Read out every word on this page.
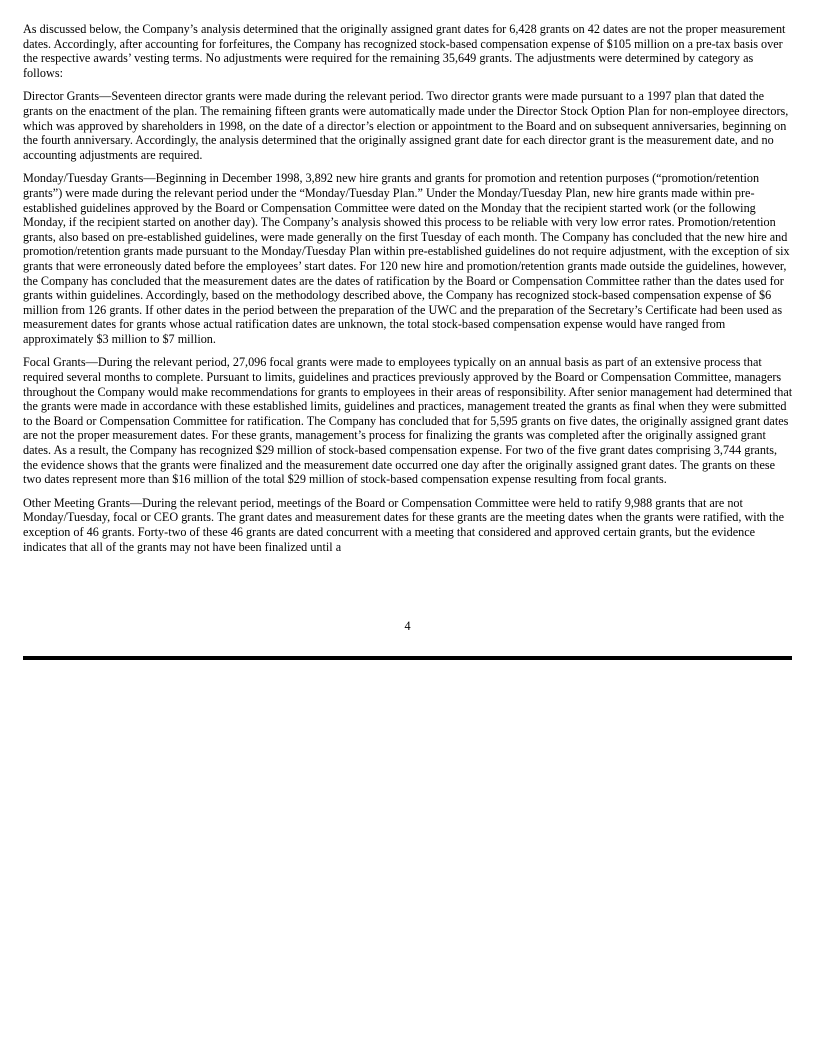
As discussed below, the Company’s analysis determined that the originally assigned grant dates for 6,428 grants on 42 dates are not the proper measurement dates. Accordingly, after accounting for forfeitures, the Company has recognized stock-based compensation expense of $105 million on a pre-tax basis over the respective awards’ vesting terms. No adjustments were required for the remaining 35,649 grants. The adjustments were determined by category as follows:

Director Grants—Seventeen director grants were made during the relevant period. Two director grants were made pursuant to a 1997 plan that dated the grants on the enactment of the plan. The remaining fifteen grants were automatically made under the Director Stock Option Plan for non-employee directors, which was approved by shareholders in 1998, on the date of a director’s election or appointment to the Board and on subsequent anniversaries, beginning on the fourth anniversary. Accordingly, the analysis determined that the originally assigned grant date for each director grant is the measurement date, and no accounting adjustments are required.

Monday/Tuesday Grants—Beginning in December 1998, 3,892 new hire grants and grants for promotion and retention purposes (“promotion/retention grants”) were made during the relevant period under the “Monday/Tuesday Plan.” Under the Monday/Tuesday Plan, new hire grants made within pre-established guidelines approved by the Board or Compensation Committee were dated on the Monday that the recipient started work (or the following Monday, if the recipient started on another day). The Company’s analysis showed this process to be reliable with very low error rates. Promotion/retention grants, also based on pre-established guidelines, were made generally on the first Tuesday of each month. The Company has concluded that the new hire and promotion/retention grants made pursuant to the Monday/Tuesday Plan within pre-established guidelines do not require adjustment, with the exception of six grants that were erroneously dated before the employees’ start dates. For 120 new hire and promotion/retention grants made outside the guidelines, however, the Company has concluded that the measurement dates are the dates of ratification by the Board or Compensation Committee rather than the dates used for grants within guidelines. Accordingly, based on the methodology described above, the Company has recognized stock-based compensation expense of $6 million from 126 grants. If other dates in the period between the preparation of the UWC and the preparation of the Secretary’s Certificate had been used as measurement dates for grants whose actual ratification dates are unknown, the total stock-based compensation expense would have ranged from approximately $3 million to $7 million.

Focal Grants—During the relevant period, 27,096 focal grants were made to employees typically on an annual basis as part of an extensive process that required several months to complete. Pursuant to limits, guidelines and practices previously approved by the Board or Compensation Committee, managers throughout the Company would make recommendations for grants to employees in their areas of responsibility. After senior management had determined that the grants were made in accordance with these established limits, guidelines and practices, management treated the grants as final when they were submitted to the Board or Compensation Committee for ratification. The Company has concluded that for 5,595 grants on five dates, the originally assigned grant dates are not the proper measurement dates. For these grants, management’s process for finalizing the grants was completed after the originally assigned grant dates. As a result, the Company has recognized $29 million of stock-based compensation expense. For two of the five grant dates comprising 3,744 grants, the evidence shows that the grants were finalized and the measurement date occurred one day after the originally assigned grant dates. The grants on these two dates represent more than $16 million of the total $29 million of stock-based compensation expense resulting from focal grants.

Other Meeting Grants—During the relevant period, meetings of the Board or Compensation Committee were held to ratify 9,988 grants that are not Monday/Tuesday, focal or CEO grants. The grant dates and measurement dates for these grants are the meeting dates when the grants were ratified, with the exception of 46 grants. Forty-two of these 46 grants are dated concurrent with a meeting that considered and approved certain grants, but the evidence indicates that all of the grants may not have been finalized until a

4
